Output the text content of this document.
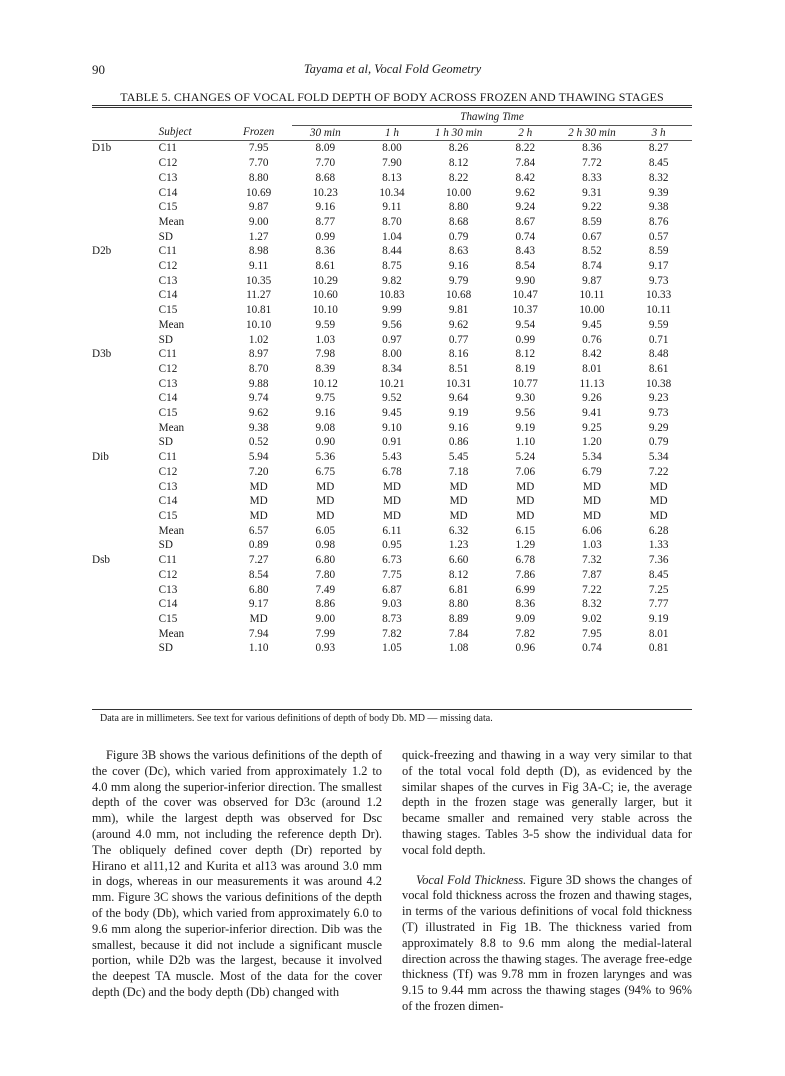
90	Tayama et al, Vocal Fold Geometry
TABLE 5. CHANGES OF VOCAL FOLD DEPTH OF BODY ACROSS FROZEN AND THAWING STAGES
			Thawing Time					
	Subject	Frozen	30 min	1 h	1 h 30 min	2 h	2 h 30 min	3 h
D1b	C11	7.95	8.09	8.00	8.26	8.22	8.36	8.27
	C12	7.70	7.70	7.90	8.12	7.84	7.72	8.45
	C13	8.80	8.68	8.13	8.22	8.42	8.33	8.32
	C14	10.69	10.23	10.34	10.00	9.62	9.31	9.39
	C15	9.87	9.16	9.11	8.80	9.24	9.22	9.38
	Mean	9.00	8.77	8.70	8.68	8.67	8.59	8.76
	SD	1.27	0.99	1.04	0.79	0.74	0.67	0.57
D2b	C11	8.98	8.36	8.44	8.63	8.43	8.52	8.59
	C12	9.11	8.61	8.75	9.16	8.54	8.74	9.17
	C13	10.35	10.29	9.82	9.79	9.90	9.87	9.73
	C14	11.27	10.60	10.83	10.68	10.47	10.11	10.33
	C15	10.81	10.10	9.99	9.81	10.37	10.00	10.11
	Mean	10.10	9.59	9.56	9.62	9.54	9.45	9.59
	SD	1.02	1.03	0.97	0.77	0.99	0.76	0.71
D3b	C11	8.97	7.98	8.00	8.16	8.12	8.42	8.48
	C12	8.70	8.39	8.34	8.51	8.19	8.01	8.61
	C13	9.88	10.12	10.21	10.31	10.77	11.13	10.38
	C14	9.74	9.75	9.52	9.64	9.30	9.26	9.23
	C15	9.62	9.16	9.45	9.19	9.56	9.41	9.73
	Mean	9.38	9.08	9.10	9.16	9.19	9.25	9.29
	SD	0.52	0.90	0.91	0.86	1.10	1.20	0.79
Dib	C11	5.94	5.36	5.43	5.45	5.24	5.34	5.34
	C12	7.20	6.75	6.78	7.18	7.06	6.79	7.22
	C13	MD	MD	MD	MD	MD	MD	MD
	C14	MD	MD	MD	MD	MD	MD	MD
	C15	MD	MD	MD	MD	MD	MD	MD
	Mean	6.57	6.05	6.11	6.32	6.15	6.06	6.28
	SD	0.89	0.98	0.95	1.23	1.29	1.03	1.33
Dsb	C11	7.27	6.80	6.73	6.60	6.78	7.32	7.36
	C12	8.54	7.80	7.75	8.12	7.86	7.87	8.45
	C13	6.80	7.49	6.87	6.81	6.99	7.22	7.25
	C14	9.17	8.86	9.03	8.80	8.36	8.32	7.77
	C15	MD	9.00	8.73	8.89	9.09	9.02	9.19
	Mean	7.94	7.99	7.82	7.84	7.82	7.95	8.01
	SD	1.10	0.93	1.05	1.08	0.96	0.74	0.81
Data are in millimeters. See text for various definitions of depth of body Db. MD — missing data.

Figure 3B shows the various definitions of the depth of the cover (Dc), which varied from approximately 1.2 to 4.0 mm along the superior-inferior direction. The smallest depth of the cover was observed for D3c (around 1.2 mm), while the largest depth was observed for Dsc (around 4.0 mm, not including the reference depth Dr). The obliquely defined cover depth (Dr) reported by Hirano et al11,12 and Kurita et al13 was around 3.0 mm in dogs, whereas in our measurements it was around 4.2 mm. Figure 3C shows the various definitions of the depth of the body (Db), which varied from approximately 6.0 to 9.6 mm along the superior-inferior direction. Dib was the smallest, because it did not include a significant muscle portion, while D2b was the largest, because it involved the deepest TA muscle. Most of the data for the cover depth (Dc) and the body depth (Db) changed with

quick-freezing and thawing in a way very similar to that of the total vocal fold depth (D), as evidenced by the similar shapes of the curves in Fig 3A-C; ie, the average depth in the frozen stage was generally larger, but it became smaller and remained very stable across the thawing stages. Tables 3-5 show the individual data for vocal fold depth.

Vocal Fold Thickness. Figure 3D shows the changes of vocal fold thickness across the frozen and thawing stages, in terms of the various definitions of vocal fold thickness (T) illustrated in Fig 1B. The thickness varied from approximately 8.8 to 9.6 mm along the medial-lateral direction across the thawing stages. The average free-edge thickness (Tf) was 9.78 mm in frozen larynges and was 9.15 to 9.44 mm across the thawing stages (94% to 96% of the frozen dimen-
